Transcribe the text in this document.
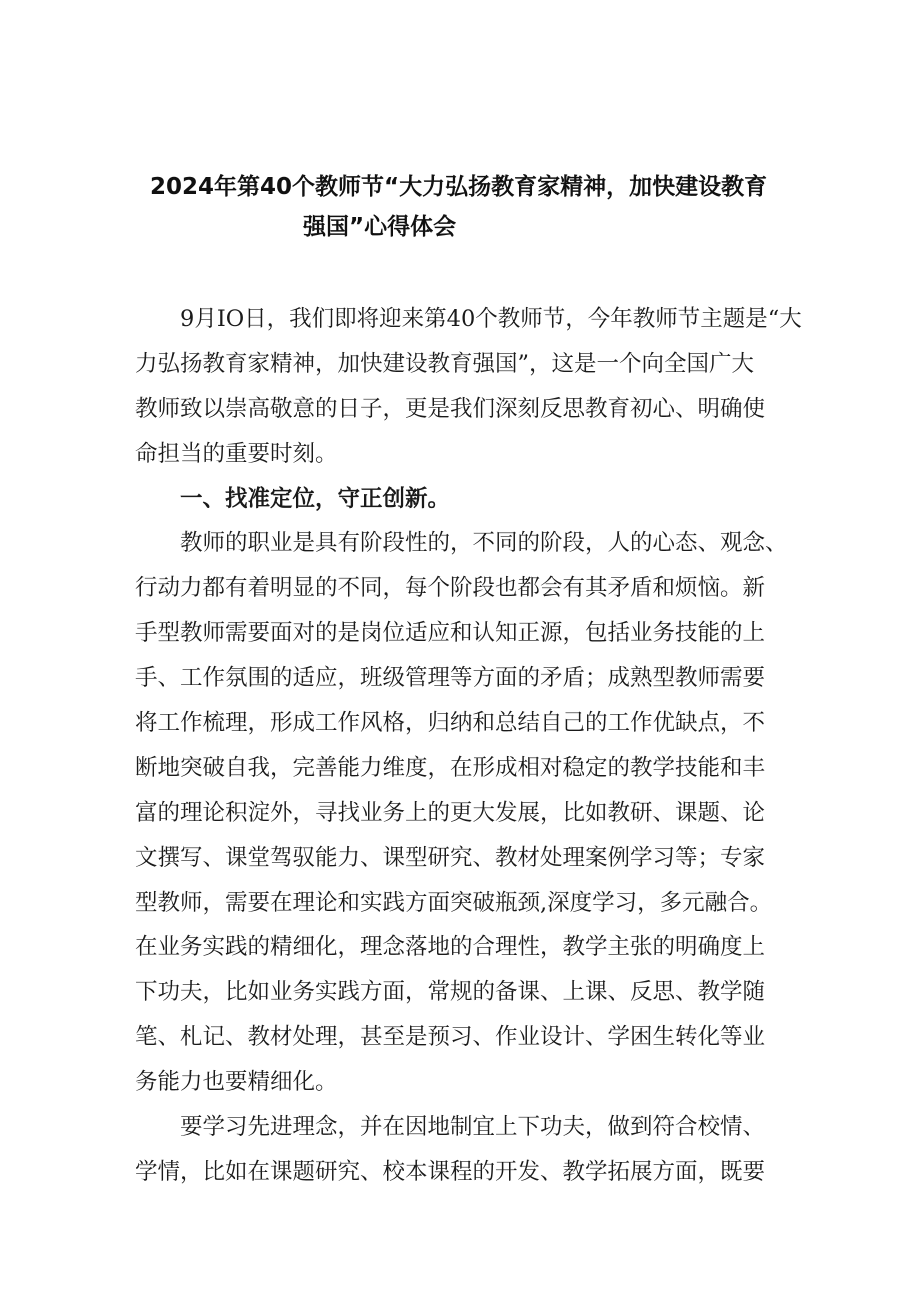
2024年第40个教师节“大力弘扬教育家精神，加快建设教育
强国”心得体会
9月IO日，我们即将迎来第40个教师节，今年教师节主题是“大
力弘扬教育家精神，加快建设教育强国”，这是一个向全国广大
教师致以崇高敬意的日子，更是我们深刻反思教育初心、明确使
命担当的重要时刻。
一、找准定位，守正创新。
教师的职业是具有阶段性的，不同的阶段，人的心态、观念、
行动力都有着明显的不同，每个阶段也都会有其矛盾和烦恼。新
手型教师需要面对的是岗位适应和认知正源，包括业务技能的上
手、工作氛围的适应，班级管理等方面的矛盾；成熟型教师需要
将工作梳理，形成工作风格，归纳和总结自己的工作优缺点，不
断地突破自我，完善能力维度，在形成相对稳定的教学技能和丰
富的理论积淀外，寻找业务上的更大发展，比如教研、课题、论
文撰写、课堂驾驭能力、课型研究、教材处理案例学习等；专家
型教师，需要在理论和实践方面突破瓶颈,深度学习，多元融合。
在业务实践的精细化，理念落地的合理性，教学主张的明确度上
下功夫，比如业务实践方面，常规的备课、上课、反思、教学随
笔、札记、教材处理，甚至是预习、作业设计、学困生转化等业
务能力也要精细化。
要学习先进理念，并在因地制宜上下功夫，做到符合校情、
学情，比如在课题研究、校本课程的开发、教学拓展方面，既要
